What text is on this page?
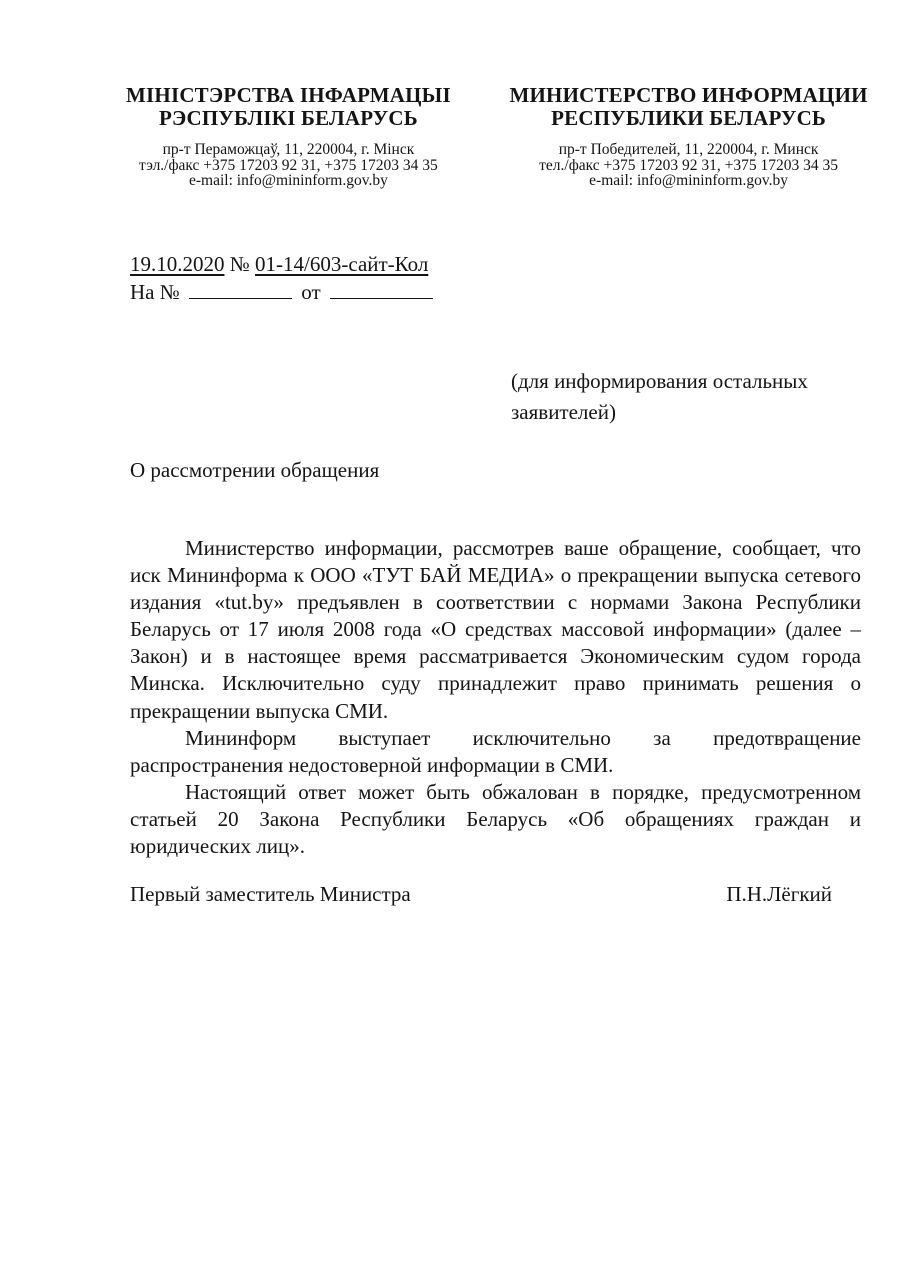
МІНІСТЭРСТВА ІНФАРМАЦЫІ
РЭСПУБЛІКІ БЕЛАРУСЬ
пр-т Пераможцаў, 11, 220004, г. Мінск
тэл./факс +375 17203 92 31, +375 17203 34 35
e-mail: info@mininform.gov.by
МИНИСТЕРСТВО ИНФОРМАЦИИ
РЕСПУБЛИКИ БЕЛАРУСЬ
пр-т Победителей, 11, 220004, г. Минск
тел./факс +375 17203 92 31, +375 17203 34 35
e-mail: info@mininform.gov.by
19.10.2020 № 01-14/603-сайт-Кол
На №	от
(для информирования остальных заявителей)
О рассмотрении обращения

Министерство информации, рассмотрев ваше обращение, сообщает, что иск Мининформа к ООО «ТУТ БАЙ МЕДИА» о прекращении выпуска сетевого издания «tut.by» предъявлен в соответствии с нормами Закона Республики Беларусь от 17 июля 2008 года «О средствах массовой информации» (далее – Закон) и в настоящее время рассматривается Экономическим судом города Минска. Исключительно суду принадлежит право принимать решения о прекращении выпуска СМИ.

Мининформ выступает исключительно за предотвращение распространения недостоверной информации в СМИ.

Настоящий ответ может быть обжалован в порядке, предусмотренном статьей 20 Закона Республики Беларусь «Об обращениях граждан и юридических лиц».

Первый заместитель Министра	П.Н.Лёгкий
